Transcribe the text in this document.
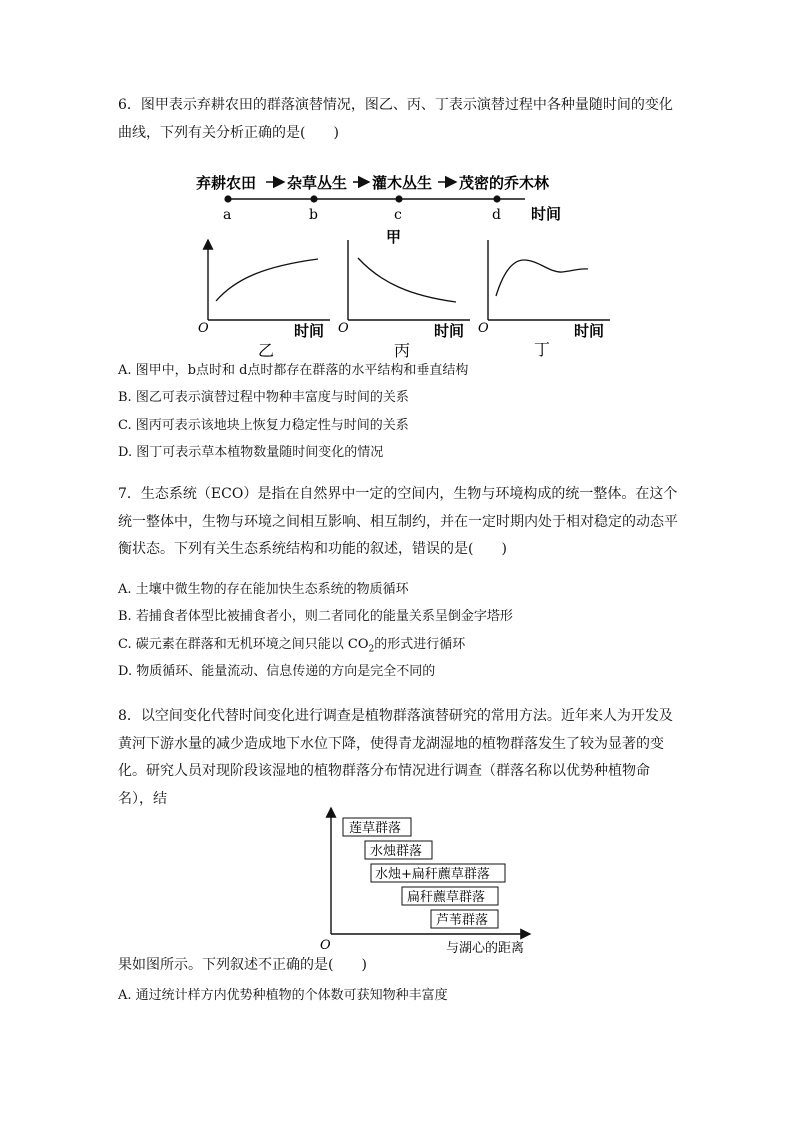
6．图甲表示弃耕农田的群落演替情况，图乙、丙、丁表示演替过程中各种量随时间的变化曲线，下列有关分析正确的是(　　)
弃耕农田 杂草丛生 灌木丛生 茂密的乔木林
a	b	c	d 时间
甲
O	时间
乙
O	时间
丙
O	时间
丁
A. 图甲中，b点时和 d点时都存在群落的水平结构和垂直结构
B. 图乙可表示演替过程中物种丰富度与时间的关系
C. 图丙可表示该地块上恢复力稳定性与时间的关系
D. 图丁可表示草本植物数量随时间变化的情况
7．生态系统（ECO）是指在自然界中一定的空间内，生物与环境构成的统一整体。在这个统一整体中，生物与环境之间相互影响、相互制约，并在一定时期内处于相对稳定的动态平衡状态。下列有关生态系统结构和功能的叙述，错误的是(　　)
A. 土壤中微生物的存在能加快生态系统的物质循环
B. 若捕食者体型比被捕食者小，则二者同化的能量关系呈倒金字塔形
C. 碳元素在群落和无机环境之间只能以 $CO_2$的形式进行循环
D. 物质循环、能量流动、信息传递的方向是完全不同的
8．以空间变化代替时间变化进行调查是植物群落演替研究的常用方法。近年来人为开发及黄河下游水量的减少造成地下水位下降，使得青龙湖湿地的植物群落发生了较为显著的变化。研究人员对现阶段该湿地的植物群落分布情况进行调查（群落名称以优势种植物命名），结
O	与湖心的距离
莲草群落
水烛群落
水烛+扁秆藨草群落
扁秆藨草群落
芦苇群落
果如图所示。下列叙述不正确的是(　　)
A. 通过统计样方内优势种植物的个体数可获知物种丰富度
